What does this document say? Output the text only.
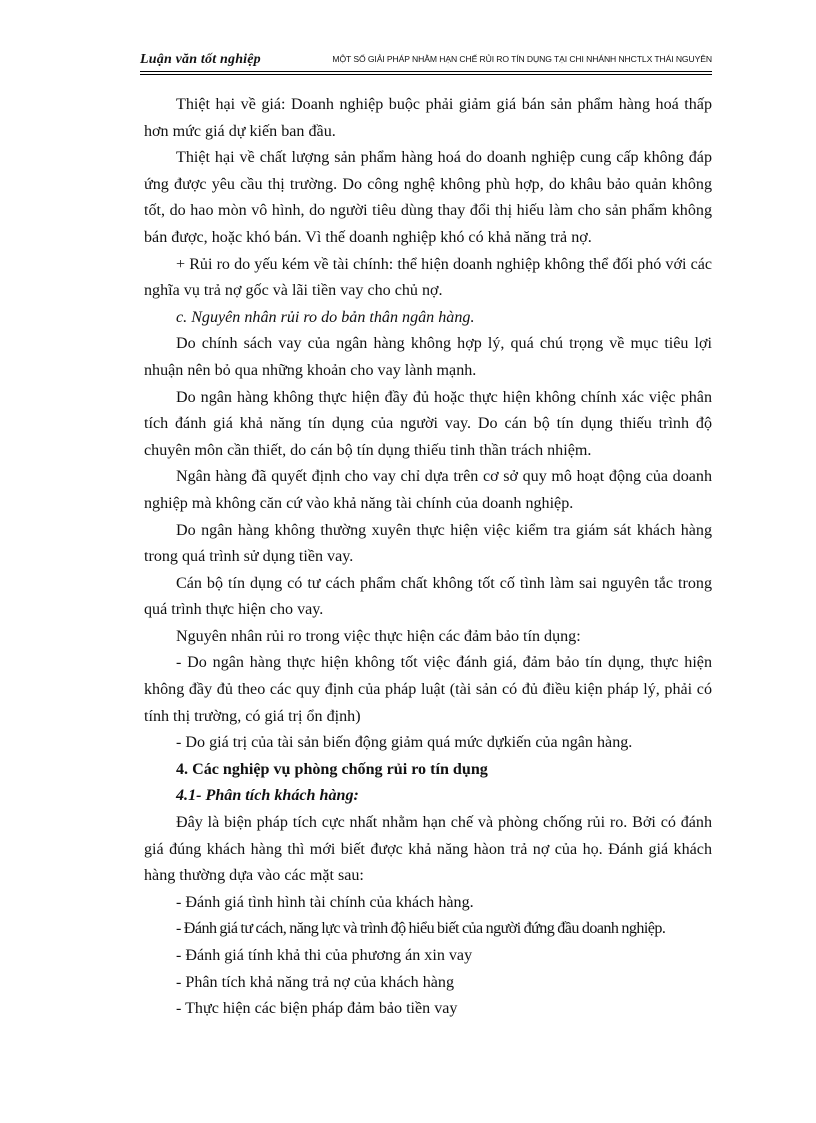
Luận văn tốt nghiệp	MỘT SỐ GIẢI PHÁP NHẰM HẠN CHẾ RỦI RO TÍN DỤNG TẠI CHI NHÁNH NHCTLX THÁI NGUYÊN

Thiệt hại về giá: Doanh nghiệp buộc phải giảm giá bán sản phẩm hàng hoá thấp hơn mức giá dự kiến ban đầu.

Thiệt hại về chất lượng sản phẩm hàng hoá do doanh nghiệp cung cấp không đáp ứng được yêu cầu thị trường. Do công nghệ không phù hợp, do khâu bảo quản không tốt, do hao mòn vô hình, do người tiêu dùng thay đổi thị hiếu làm cho sản phẩm không bán được, hoặc khó bán. Vì thế doanh nghiệp khó có khả năng trả nợ.

+ Rủi ro do yếu kém về tài chính: thể hiện doanh nghiệp không thể đối phó với các nghĩa vụ trả nợ gốc và lãi tiền vay cho chủ nợ.

c. Nguyên nhân rủi ro do bản thân ngân hàng.

Do chính sách vay của ngân hàng không hợp lý, quá chú trọng về mục tiêu lợi nhuận nên bỏ qua những khoản cho vay lành mạnh.

Do ngân hàng không thực hiện đầy đủ hoặc thực hiện không chính xác việc phân tích đánh giá khả năng tín dụng của người vay. Do cán bộ tín dụng thiếu trình độ chuyên môn cần thiết, do cán bộ tín dụng thiếu tinh thần trách nhiệm.

Ngân hàng đã quyết định cho vay chỉ dựa trên cơ sở quy mô hoạt động của doanh nghiệp mà không căn cứ vào khả năng tài chính của doanh nghiệp.

Do ngân hàng không thường xuyên thực hiện việc kiểm tra giám sát khách hàng trong quá trình sử dụng tiền vay.

Cán bộ tín dụng có tư cách phẩm chất không tốt cố tình làm sai nguyên tắc trong quá trình thực hiện cho vay.

Nguyên nhân rủi ro trong việc thực hiện các đảm bảo tín dụng:

- Do ngân hàng thực hiện không tốt việc đánh giá, đảm bảo tín dụng, thực hiện không đầy đủ theo các quy định của pháp luật (tài sản có đủ điều kiện pháp lý, phải có tính thị trường, có giá trị ổn định)

- Do giá trị của tài sản biến động giảm quá mức dựkiến của ngân hàng.

4. Các nghiệp vụ phòng chống rủi ro tín dụng

4.1- Phân tích khách hàng:

Đây là biện pháp tích cực nhất nhằm hạn chế và phòng chống rủi ro. Bởi có đánh giá đúng khách hàng thì mới biết được khả năng hàon trả nợ của họ. Đánh giá khách hàng thường dựa vào các mặt sau:

- Đánh giá tình hình tài chính của khách hàng.

- Đánh giá tư cách, năng lực và trình độ hiểu biết của người đứng đầu doanh nghiệp.

- Đánh giá tính khả thi của phương án xin vay

- Phân tích khả năng trả nợ của khách hàng

- Thực hiện các biện pháp đảm bảo tiền vay
